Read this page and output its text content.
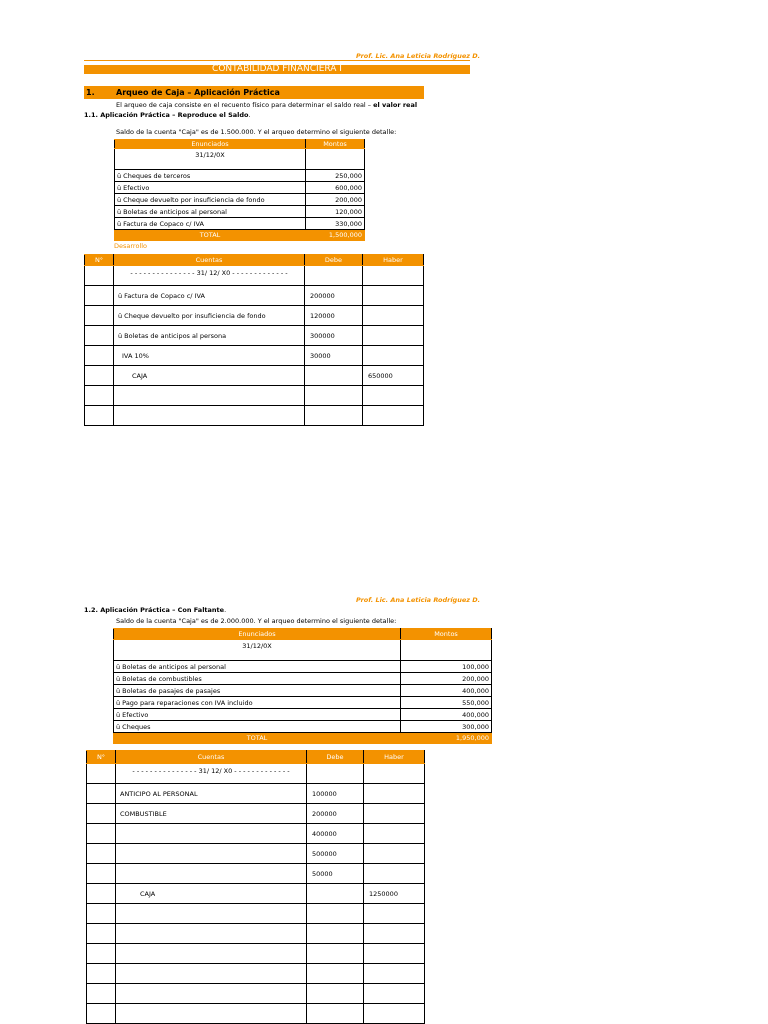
Prof. Lic. Ana Leticia Rodríguez D.
CONTABILIDAD FINANCIERA I
1.	Arqueo de Caja – Aplicación Práctica
El arqueo de caja consiste en el recuento físico para determinar el saldo real – el valor real
1.1. Aplicación Práctica – Reproduce el Saldo.
Saldo de la cuenta "Caja" es de 1.500.000. Y el arqueo determino el siguiente detalle:
Enunciados	Montos
31/12/0X	
ü Cheques de terceros	250,000
ü Efectivo	600,000
ü Cheque devuelto por insuficiencia de fondo	200,000
ü Boletas de anticipos al personal	120,000
ü Factura de Copaco c/ IVA	330,000
TOTAL	1,500,000
Desarrollo
N°	Cuentas	Debe	Haber
	- - - - - - - - - - - - - - - 31/ 12/ X0 - - - - - - - - - - - - -		
	ü Factura de Copaco c/ IVA	200000	
	ü Cheque devuelto por insuficiencia de fondo	120000	
	ü Boletas de anticipos al persona	300000	
	IVA 10%	30000	
	CAJA		650000

Prof. Lic. Ana Leticia Rodríguez D.
1.2. Aplicación Práctica – Con Faltante.
Saldo de la cuenta "Caja" es de 2.000.000. Y el arqueo determino el siguiente detalle:
Enunciados	Montos
31/12/0X	
ü Boletas de anticipos al personal	100,000
ü Boletas de combustibles	200,000
ü Boletas de pasajes de pasajes	400,000
ü Pago para reparaciones con IVA incluido	550,000
ü Efectivo	400,000
ü Cheques	300,000
TOTAL	1,950,000
N°	Cuentas	Debe	Haber
	- - - - - - - - - - - - - - - 31/ 12/ X0 - - - - - - - - - - - - -		
	ANTICIPO AL PERSONAL	100000	
	COMBUSTIBLE	200000	
		400000	
		500000	
		50000	
	CAJA		1250000
